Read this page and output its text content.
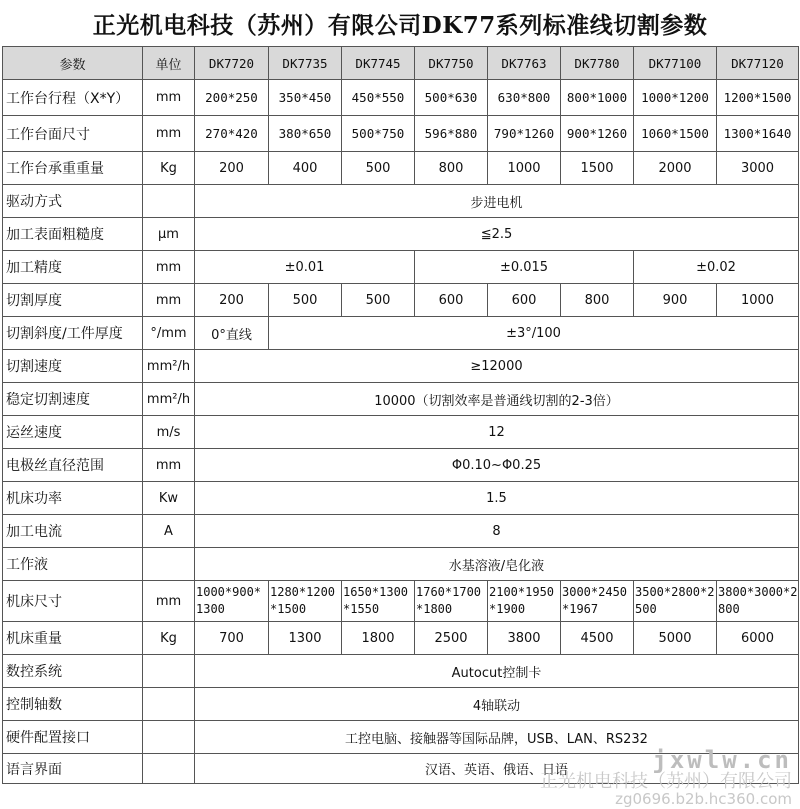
正光机电科技（苏州）有限公司DK77系列标准线切割参数
参数	单位	DK7720	DK7735	DK7745	DK7750	DK7763	DK7780	DK77100	DK77120
工作台行程（X*Y）	mm	200*250	350*450	450*550	500*630	630*800	800*1000	1000*1200	1200*1500
工作台面尺寸	mm	270*420	380*650	500*750	596*880	790*1260	900*1260	1060*1500	1300*1640
工作台承重重量	Kg	200	400	500	800	1000	1500	2000	3000
驱动方式		步进电机							
加工表面粗糙度	μm	≦2.5							
加工精度	mm	±0.01			±0.015			±0.02	
切割厚度	mm	200	500	500	600	600	800	900	1000
切割斜度/工件厚度	°/mm	0°直线	±3°/100						
切割速度	mm²/h	≥12000							
稳定切割速度	mm²/h	10000（切割效率是普通线切割的2-3倍）							
运丝速度	m/s	12							
电极丝直径范围	mm	Φ0.10~Φ0.25							
机床功率	Kw	1.5							
加工电流	A	8							
工作液		水基溶液/皂化液							
机床尺寸	mm	1000*900*1300	1280*1200*1500	1650*1300*1550	1760*1700*1800	2100*1950*1900	3000*2450*1967	3500*2800*2500	3800*3000*2800
机床重量	Kg	700	1300	1800	2500	3800	4500	5000	6000
数控系统		Autocut控制卡							
控制轴数		4轴联动							
硬件配置接口		工控电脑、接触器等国际品牌，USB、LAN、RS232							
语言界面		汉语、英语、俄语、日语								jxwlw.cn
正光机电科技（苏州）有限公司
zg0696.b2b.hc360.com
